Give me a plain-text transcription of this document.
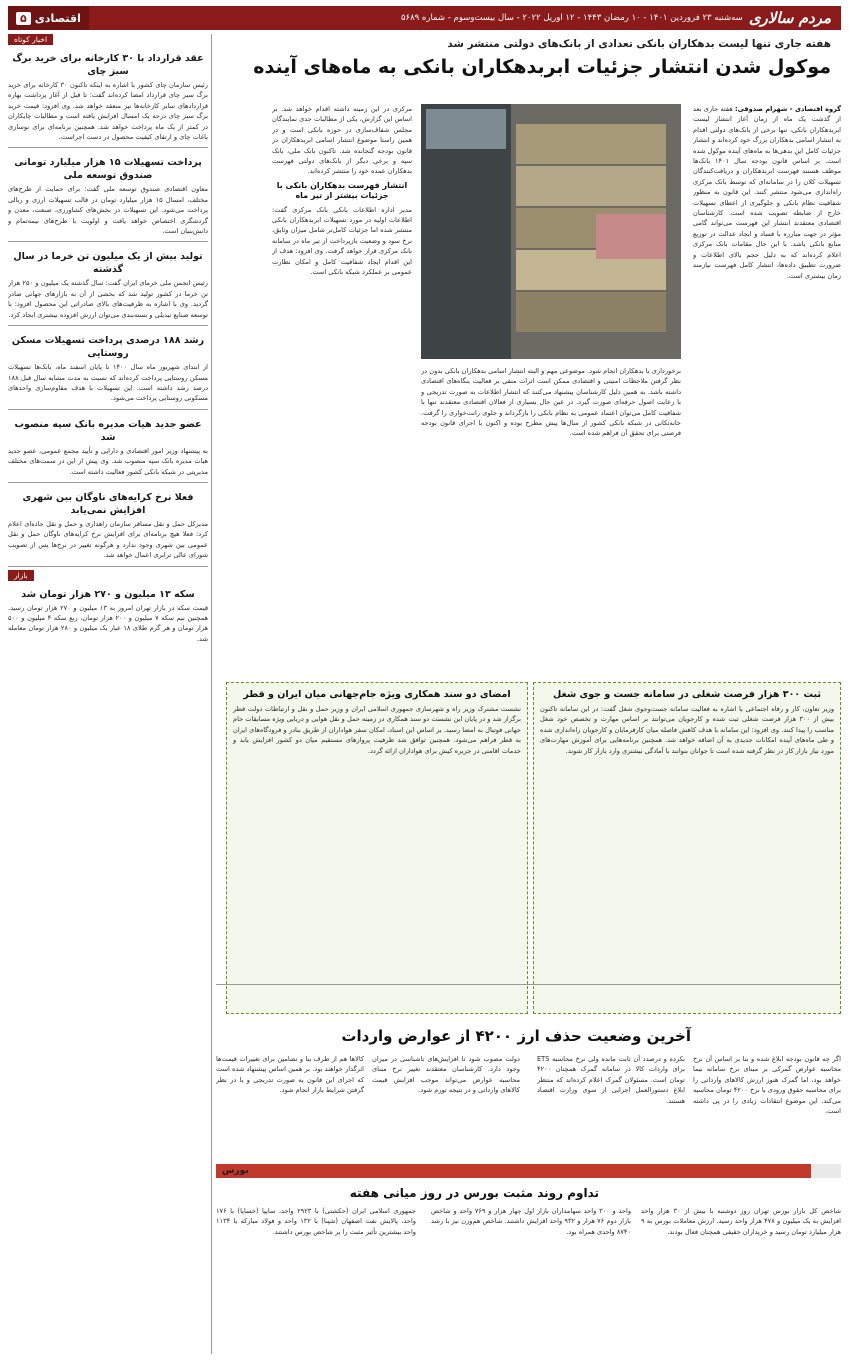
مردم سالاری
سه‌شنبه ۲۳ فروردین ۱۴۰۱ - ۱۰ رمضان ۱۴۴۳ - ۱۲ آوریل ۲۰۲۲ - سال بیست‌وسوم - شماره ۵۶۸۹
اقتصادی
۵
هفته جاری تنها لیست بدهکاران بانکی تعدادی از بانک‌های دولتی منتشر شد
موکول شدن انتشار جزئیات ابربدهکاران بانکی به ماه‌های آینده

گروه اقتصادی - شهرام صدوقی: هفته جاری بعد از گذشت یک ماه از زمان آغاز انتشار لیست ابربدهکاران بانکی، تنها برخی از بانک‌های دولتی اقدام به انتشار اسامی بدهکاران بزرگ خود کرده‌اند و انتشار جزئیات کامل این بدهی‌ها به ماه‌های آینده موکول شده است. بر اساس قانون بودجه سال ۱۴۰۱ بانک‌ها موظف هستند فهرست ابربدهکاران و دریافت‌کنندگان تسهیلات کلان را در سامانه‌ای که توسط بانک مرکزی راه‌اندازی می‌شود منتشر کنند. این قانون به منظور شفافیت نظام بانکی و جلوگیری از اعطای تسهیلات خارج از ضابطه تصویب شده است. کارشناسان اقتصادی معتقدند انتشار این فهرست می‌تواند گامی مؤثر در جهت مبارزه با فساد و ایجاد عدالت در توزیع منابع بانکی باشد. با این حال مقامات بانک مرکزی اعلام کرده‌اند که به دلیل حجم بالای اطلاعات و ضرورت تطبیق داده‌ها، انتشار کامل فهرست نیازمند زمان بیشتری است.

مرکزی در این زمینه داشته اقدام خواهد شد. بر اساس این گزارش، یکی از مطالبات جدی نمایندگان مجلس شفاف‌سازی در حوزه بانکی است و در همین راستا موضوع انتشار اسامی ابربدهکاران در قانون بودجه گنجانده شد. تاکنون بانک ملی، بانک سپه و برخی دیگر از بانک‌های دولتی فهرست بدهکاران عمده خود را منتشر کرده‌اند.

انتشار فهرست بدهکاران بانکی با جزئیات بیشتر از تیر ماه

مدیر اداره اطلاعات بانکی بانک مرکزی گفت: اطلاعات اولیه در مورد تسهیلات ابربدهکاران بانکی منتشر شده اما جزئیات کامل‌تر شامل میزان وثایق، نرخ سود و وضعیت بازپرداخت از تیر ماه در سامانه بانک مرکزی قرار خواهد گرفت. وی افزود: هدف از این اقدام ایجاد شفافیت کامل و امکان نظارت عمومی بر عملکرد شبکه بانکی است.

برخورداری با بدهکاران انجام شود. موضوعی مهم و البته انتشار اسامی بدهکاران بانکی بدون در نظر گرفتن ملاحظات امنیتی و اقتصادی ممکن است اثرات منفی بر فعالیت بنگاه‌های اقتصادی داشته باشد. به همین دلیل کارشناسان پیشنهاد می‌کنند که انتشار اطلاعات به صورت تدریجی و با رعایت اصول حرفه‌ای صورت گیرد. در عین حال بسیاری از فعالان اقتصادی معتقدند تنها با شفافیت کامل می‌توان اعتماد عمومی به نظام بانکی را بازگرداند و جلوی رانت‌خواری را گرفت. خانه‌تکانی در شبکه بانکی کشور از سال‌ها پیش مطرح بوده و اکنون با اجرای قانون بودجه فرصتی برای تحقق آن فراهم شده است.

ثبت ۳۰۰ هزار فرصت شغلی در سامانه جست و جوی شغل
وزیر تعاون، کار و رفاه اجتماعی با اشاره به فعالیت سامانه جست‌وجوی شغل گفت: در این سامانه تاکنون بیش از ۳۰۰ هزار فرصت شغلی ثبت شده و کارجویان می‌توانند بر اساس مهارت و تخصص خود شغل مناسب را پیدا کنند. وی افزود: این سامانه با هدف کاهش فاصله میان کارفرمایان و کارجویان راه‌اندازی شده و طی ماه‌های آینده امکانات جدیدی به آن اضافه خواهد شد. همچنین برنامه‌هایی برای آموزش مهارت‌های مورد نیاز بازار کار در نظر گرفته شده است تا جوانان بتوانند با آمادگی بیشتری وارد بازار کار شوند.
امضای دو سند همکاری ویژه جام‌جهانی میان ایران و قطر
نشست مشترک وزیر راه و شهرسازی جمهوری اسلامی ایران و وزیر حمل و نقل و ارتباطات دولت قطر برگزار شد و در پایان این نشست دو سند همکاری در زمینه حمل و نقل هوایی و دریایی ویژه مسابقات جام جهانی فوتبال به امضا رسید. بر اساس این اسناد، امکان سفر هواداران از طریق بنادر و فرودگاه‌های ایران به قطر فراهم می‌شود. همچنین توافق شد ظرفیت پروازهای مستقیم میان دو کشور افزایش یابد و خدمات اقامتی در جزیره کیش برای هواداران ارائه گردد.
آخرین وضعیت حذف ارز ۴۲۰۰ از عوارض واردات

اگر چه قانون بودجه ابلاغ شده و بنا بر اساس آن نرخ محاسبه عوارض گمرکی بر مبنای نرخ سامانه نیما خواهد بود، اما گمرک هنوز ارزش کالاهای وارداتی را برای محاسبه حقوق ورودی با نرخ ۴۲۰۰ تومان محاسبه می‌کند. این موضوع انتقادات زیادی را در پی داشته است.

نکرده و درصدد آن ثابت مانده ولی نرخ محاسبه ETS برای واردات کالا در سامانه گمرک همچنان ۴۲۰۰ تومان است. مسئولان گمرک اعلام کرده‌اند که منتظر ابلاغ دستورالعمل اجرایی از سوی وزارت اقتصاد هستند.

دولت مصوب شود تا افزایش‌های ناشناسی در میزان وجود دارد. کارشناسان معتقدند تغییر نرخ مبنای محاسبه عوارض می‌تواند موجب افزایش قیمت کالاهای وارداتی و در نتیجه تورم شود.

کالاها هم از طرف بنا و تضامین برای تغییرات قیمت‌ها اثرگذار خواهند بود. بر همین اساس پیشنهاد شده است که اجرای این قانون به صورت تدریجی و با در نظر گرفتن شرایط بازار انجام شود.

بورس
تداوم روند مثبت بورس در روز میانی هفته

شاخص کل بازار بورس تهران روز دوشنبه با بیش از ۳۰ هزار واحد افزایش به یک میلیون و ۴۷۸ هزار واحد رسید. ارزش معاملات بورس به ۹ هزار میلیارد تومان رسید و خریداران حقیقی همچنان فعال بودند.

واحد و ۳۰۰ واحد سهامداران بازار اول چهار هزار و ۷۶۹ واحد و شاخص بازار دوم ۷۶ هزار و ۹۳۲ واحد افزایش داشتند. شاخص هم‌وزن نیز با رشد ۸۷۴۰ واحدی همراه بود.

جمهوری اسلامی ایران (حکشتی) با ۲۹۲۳ واحد، سایپا (خساپا) با ۱۷۶ واحد، پالایش نفت اصفهان (شپنا) با ۱۳۲ واحد و فولاد مبارکه با ۱۱۳۴ واحد بیشترین تأثیر مثبت را بر شاخص بورس داشتند.

اخبار کوتاه
عقد قرارداد با ۳۰ کارخانه برای خرید برگ سبز چای

رئیس سازمان چای کشور با اشاره به اینکه تاکنون ۳۰ کارخانه برای خرید برگ سبز چای قرارداد امضا کرده‌اند گفت: تا قبل از آغاز برداشت بهاره قراردادهای سایر کارخانه‌ها نیز منعقد خواهد شد. وی افزود: قیمت خرید برگ سبز چای درجه یک امسال افزایش یافته است و مطالبات چایکاران در کمتر از یک ماه پرداخت خواهد شد. همچنین برنامه‌ای برای نوسازی باغات چای و ارتقای کیفیت محصول در دست اجراست.

پرداخت تسهیلات ۱۵ هزار میلیارد تومانی صندوق توسعه ملی

معاون اقتصادی صندوق توسعه ملی گفت: برای حمایت از طرح‌های مختلف، امسال ۱۵ هزار میلیارد تومان در قالب تسهیلات ارزی و ریالی پرداخت می‌شود. این تسهیلات در بخش‌های کشاورزی، صنعت، معدن و گردشگری اختصاص خواهد یافت و اولویت با طرح‌های نیمه‌تمام و دانش‌بنیان است.

تولید بیش از یک میلیون تن خرما در سال گذشته

رئیس انجمن ملی خرمای ایران گفت: سال گذشته یک میلیون و ۲۵۰ هزار تن خرما در کشور تولید شد که بخشی از آن به بازارهای جهانی صادر گردید. وی با اشاره به ظرفیت‌های بالای صادراتی این محصول افزود: با توسعه صنایع تبدیلی و بسته‌بندی می‌توان ارزش افزوده بیشتری ایجاد کرد.

رشد ۱۸۸ درصدی پرداخت تسهیلات مسکن روستایی

از ابتدای شهریور ماه سال ۱۴۰۰ تا پایان اسفند ماه، بانک‌ها تسهیلات مسکن روستایی پرداخت کرده‌اند که نسبت به مدت مشابه سال قبل ۱۸۸ درصد رشد داشته است. این تسهیلات با هدف مقاوم‌سازی واحدهای مسکونی روستایی پرداخت می‌شود.

عضو جدید هیات مدیره بانک سپه منصوب شد

به پیشنهاد وزیر امور اقتصادی و دارایی و تأیید مجمع عمومی، عضو جدید هیات مدیره بانک سپه منصوب شد. وی پیش از این در سمت‌های مختلف مدیریتی در شبکه بانکی کشور فعالیت داشته است.

فعلا نرخ کرایه‌های ناوگان بین شهری افزایش نمی‌یابد

مدیرکل حمل و نقل مسافر سازمان راهداری و حمل و نقل جاده‌ای اعلام کرد: فعلا هیچ برنامه‌ای برای افزایش نرخ کرایه‌های ناوگان حمل و نقل عمومی بین شهری وجود ندارد و هرگونه تغییر در نرخ‌ها پس از تصویب شورای عالی ترابری اعمال خواهد شد.

بازار
سکه ۱۳ میلیون و ۲۷۰ هزار تومان شد

قیمت سکه در بازار تهران امروز به ۱۳ میلیون و ۲۷۰ هزار تومان رسید. همچنین نیم سکه ۷ میلیون و ۲۰۰ هزار تومان، ربع سکه ۴ میلیون و ۵۰۰ هزار تومان و هر گرم طلای ۱۸ عیار یک میلیون و ۲۸۰ هزار تومان معامله شد.
